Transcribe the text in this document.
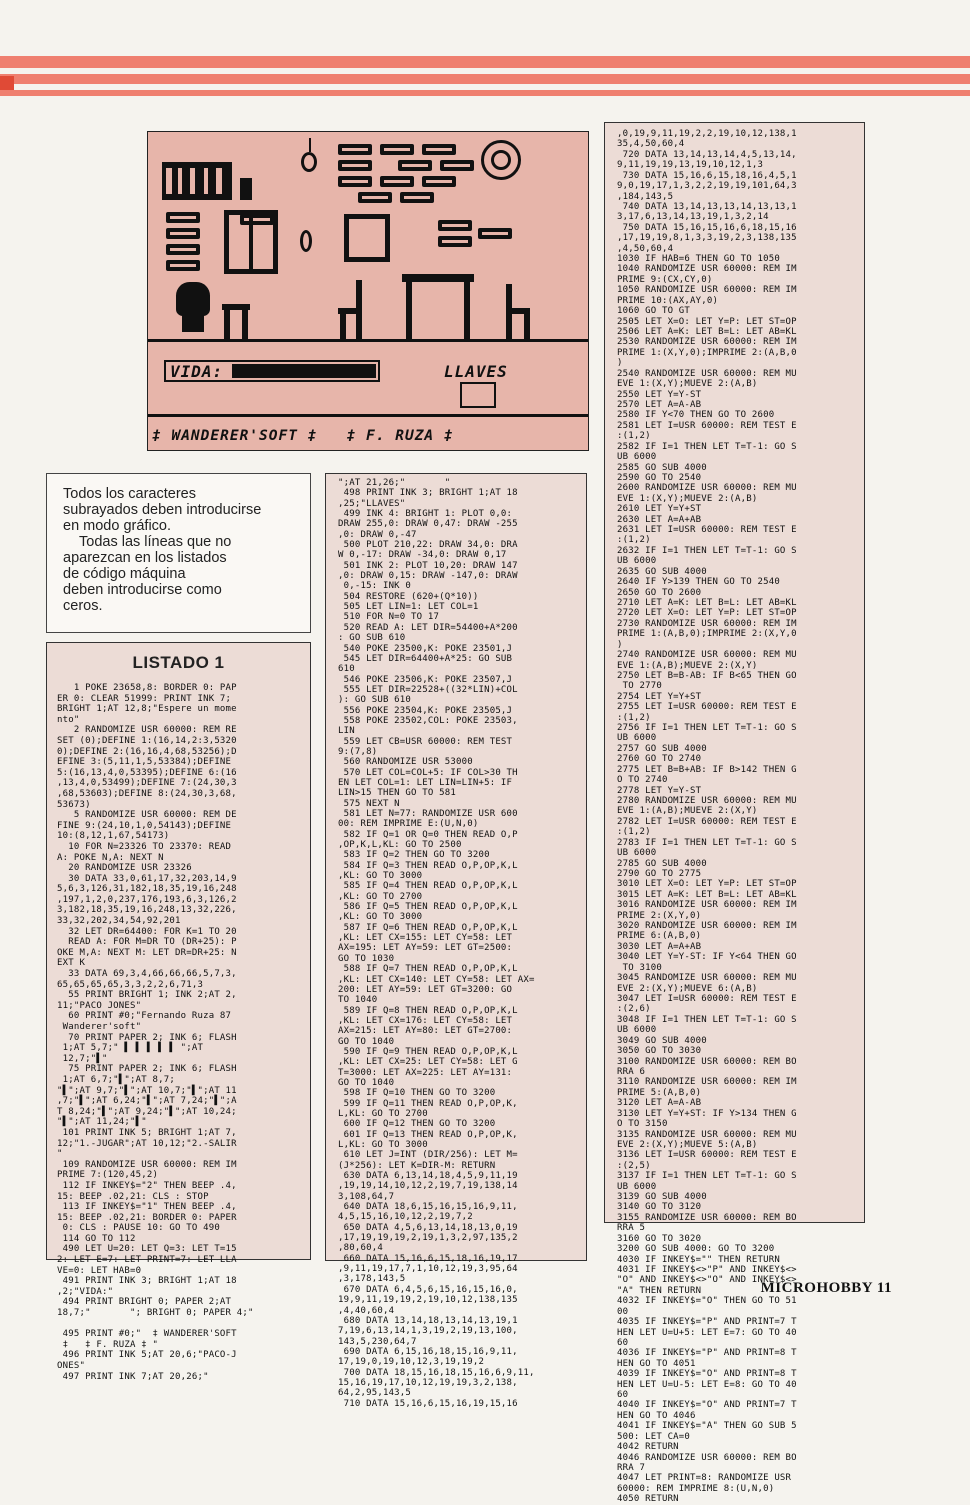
VIDA:	LLAVES
‡ WANDERER'SOFT ‡   ‡ F. RUZA ‡

Todos los caracteres

subrayados deben introducirse

en modo gráfico.

Todas las líneas que no

aparezcan en los listados

de código máquina

deben introducirse como

ceros.

LISTADO 1
1 POKE 23658,8: BORDER 0: PAP
ER 0: CLEAR 51999: PRINT INK 7;
BRIGHT 1;AT 12,8;"Espere un mome
nto"
2 RANDOMIZE USR 60000: REM RE
SET (0);DEFINE 1:(16,14,2:3,5320
0);DEFINE 2:(16,16,4,68,53256);D
EFINE 3:(5,11,1,5,53384);DEFINE
5:(16,13,4,0,53395);DEFINE 6:(16
,13,4,0,53499);DEFINE 7:(24,30,3
,68,53603);DEFINE 8:(24,30,3,68,
53673)
5 RANDOMIZE USR 60000: REM DE
FINE 9:(24,10,1,0,54143);DEFINE
10:(8,12,1,67,54173)
10 FOR N=23326 TO 23370: READ
A: POKE N,A: NEXT N
20 RANDOMIZE USR 23326
30 DATA 33,0,61,17,32,203,14,9
5,6,3,126,31,182,18,35,19,16,248
,197,1,2,0,237,176,193,6,3,126,2
3,182,18,35,19,16,248,13,32,226,
33,32,202,34,54,92,201
32 LET DR=64400: FOR K=1 TO 20
READ A: FOR M=DR TO (DR+25): P
OKE M,A: NEXT M: LET DR=DR+25: N
EXT K
33 DATA 69,3,4,66,66,66,5,7,3,
65,65,65,65,3,3,2,2,6,71,3
55 PRINT BRIGHT 1; INK 2;AT 2,
11;"PACO JONES"
60 PRINT #0;"Fernando Ruza 87
Wanderer'soft"
70 PRINT PAPER 2; INK 6; FLASH
1;AT 5,7;" ▌ ▌ ▌ ▌ ▌ ";AT
12,7;"▌"
75 PRINT PAPER 2; INK 6; FLASH
1;AT 6,7;"▌";AT 8,7;
"▌";AT 9,7;"▌";AT 10,7;"▌";AT 11
,7;"▌";AT 6,24;"▌";AT 7,24;"▌";A
T 8,24;"▌";AT 9,24;"▌";AT 10,24;
"▌";AT 11,24;"▌"
101 PRINT INK 5; BRIGHT 1;AT 7,
12;"1.-JUGAR";AT 10,12;"2.-SALIR
"
109 RANDOMIZE USR 60000: REM IM
PRIME 7:(120,45,2)
112 IF INKEY$="2" THEN BEEP .4,
15: BEEP .02,21: CLS : STOP
113 IF INKEY$="1" THEN BEEP .4,
15: BEEP .02,21: BORDER 0: PAPER
0: CLS : PAUSE 10: GO TO 490
114 GO TO 112
490 LET U=20: LET Q=3: LET T=15
2: LET E=7: LET PRINT=7: LET LLA
VE=0: LET HAB=0
491 PRINT INK 3; BRIGHT 1;AT 18
,2;"VIDA:"
494 PRINT BRIGHT 0; PAPER 2;AT
18,7;"       "; BRIGHT 0; PAPER 4;"

495 PRINT #0;"  ‡ WANDERER'SOFT
‡   ‡ F. RUZA ‡ "
496 PRINT INK 5;AT 20,6;"PACO-J
ONES"
497 PRINT INK 7;AT 20,26;"
";AT 21,26;"       "
498 PRINT INK 3; BRIGHT 1;AT 18
,25;"LLAVES"
499 INK 4: BRIGHT 1: PLOT 0,0:
DRAW 255,0: DRAW 0,47: DRAW -255
,0: DRAW 0,-47
500 PLOT 210,22: DRAW 34,0: DRA
W 0,-17: DRAW -34,0: DRAW 0,17
501 INK 2: PLOT 10,20: DRAW 147
,0: DRAW 0,15: DRAW -147,0: DRAW
0,-15: INK 0
504 RESTORE (620+(Q*10))
505 LET LIN=1: LET COL=1
510 FOR N=0 TO 17
520 READ A: LET DIR=54400+A*200
: GO SUB 610
540 POKE 23500,K: POKE 23501,J
545 LET DIR=64400+A*25: GO SUB
610
546 POKE 23506,K: POKE 23507,J
555 LET DIR=22528+((32*LIN)+COL
): GO SUB 610
556 POKE 23504,K: POKE 23505,J
558 POKE 23502,COL: POKE 23503,
LIN
559 LET CB=USR 60000: REM TEST
9:(7,8)
560 RANDOMIZE USR 53000
570 LET COL=COL+5: IF COL>30 TH
EN LET COL=1: LET LIN=LIN+5: IF
LIN>15 THEN GO TO 581
575 NEXT N
581 LET N=77: RANDOMIZE USR 600
00: REM IMPRIME E:(U,N,0)
582 IF Q=1 OR Q=0 THEN READ O,P
,OP,K,L,KL: GO TO 2500
583 IF Q=2 THEN GO TO 3200
584 IF Q=3 THEN READ O,P,OP,K,L
,KL: GO TO 3000
585 IF Q=4 THEN READ O,P,OP,K,L
,KL: GO TO 2700
586 IF Q=5 THEN READ O,P,OP,K,L
,KL: GO TO 3000
587 IF Q=6 THEN READ O,P,OP,K,L
,KL: LET CX=155: LET CY=58: LET
AX=195: LET AY=59: LET GT=2500:
GO TO 1030
588 IF Q=7 THEN READ O,P,OP,K,L
,KL: LET CX=140: LET CY=58: LET AX=
200: LET AY=59: LET GT=3200: GO
TO 1040
589 IF Q=8 THEN READ O,P,OP,K,L
,KL: LET CX=176: LET CY=58: LET
AX=215: LET AY=80: LET GT=2700:
GO TO 1040
590 IF Q=9 THEN READ O,P,OP,K,L
,KL: LET CX=25: LET CY=58: LET G
T=3000: LET AX=225: LET AY=131:
GO TO 1040
598 IF Q=10 THEN GO TO 3200
599 IF Q=11 THEN READ O,P,OP,K,
L,KL: GO TO 2700
600 IF Q=12 THEN GO TO 3200
601 IF Q=13 THEN READ O,P,OP,K,
L,KL: GO TO 3000
610 LET J=INT (DIR/256): LET M=
(J*256): LET K=DIR-M: RETURN
630 DATA 6,13,14,18,4,5,9,11,19
,19,19,14,10,12,2,19,7,19,138,14
3,108,64,7
640 DATA 18,6,15,16,15,16,9,11,
4,5,15,16,10,12,2,19,7,2
650 DATA 4,5,6,13,14,18,13,0,19
,17,19,19,19,2,19,1,3,2,97,135,2
,80,60,4
660 DATA 15,16,6,15,18,16,19,17
,9,11,19,17,7,1,10,12,19,3,95,64
,3,178,143,5
670 DATA 6,4,5,6,15,16,15,16,0,
19,9,11,19,19,2,19,10,12,138,135
,4,40,60,4
680 DATA 13,14,18,13,14,13,19,1
7,19,6,13,14,1,3,19,2,19,13,100,
143,5,230,64,7
690 DATA 6,15,16,18,15,16,9,11,
17,19,0,19,10,12,3,19,19,2
700 DATA 18,15,16,18,15,16,6,9,11,
15,16,19,17,10,12,19,19,3,2,138,
64,2,95,143,5
710 DATA 15,16,6,15,16,19,15,16
,0,19,9,11,19,2,2,19,10,12,138,1
35,4,50,60,4
720 DATA 13,14,13,14,4,5,13,14,
9,11,19,19,13,19,10,12,1,3
730 DATA 15,16,6,15,18,16,4,5,1
9,0,19,17,1,3,2,2,19,19,101,64,3
,184,143,5
740 DATA 13,14,13,13,14,13,13,1
3,17,6,13,14,13,19,1,3,2,14
750 DATA 15,16,15,16,6,18,15,16
,17,19,19,8,1,3,3,19,2,3,138,135
,4,50,60,4
1030 IF HAB=6 THEN GO TO 1050
1040 RANDOMIZE USR 60000: REM IM
PRIME 9:(CX,CY,0)
1050 RANDOMIZE USR 60000: REM IM
PRIME 10:(AX,AY,0)
1060 GO TO GT
2505 LET X=O: LET Y=P: LET ST=OP
2506 LET A=K: LET B=L: LET AB=KL
2530 RANDOMIZE USR 60000: REM IM
PRIME 1:(X,Y,0);IMPRIME 2:(A,B,0
)
2540 RANDOMIZE USR 60000: REM MU
EVE 1:(X,Y);MUEVE 2:(A,B)
2550 LET Y=Y-ST
2570 LET A=A-AB
2580 IF Y<70 THEN GO TO 2600
2581 LET I=USR 60000: REM TEST E
:(1,2)
2582 IF I=1 THEN LET T=T-1: GO S
UB 6000
2585 GO SUB 4000
2590 GO TO 2540
2600 RANDOMIZE USR 60000: REM MU
EVE 1:(X,Y);MUEVE 2:(A,B)
2610 LET Y=Y+ST
2630 LET A=A+AB
2631 LET I=USR 60000: REM TEST E
:(1,2)
2632 IF I=1 THEN LET T=T-1: GO S
UB 6000
2635 GO SUB 4000
2640 IF Y>139 THEN GO TO 2540
2650 GO TO 2600
2710 LET A=K: LET B=L: LET AB=KL
2720 LET X=O: LET Y=P: LET ST=OP
2730 RANDOMIZE USR 60000: REM IM
PRIME 1:(A,B,0);IMPRIME 2:(X,Y,0
)
2740 RANDOMIZE USR 60000: REM MU
EVE 1:(A,B);MUEVE 2:(X,Y)
2750 LET B=B-AB: IF B<65 THEN GO
TO 2770
2754 LET Y=Y+ST
2755 LET I=USR 60000: REM TEST E
:(1,2)
2756 IF I=1 THEN LET T=T-1: GO S
UB 6000
2757 GO SUB 4000
2760 GO TO 2740
2775 LET B=B+AB: IF B>142 THEN G
O TO 2740
2778 LET Y=Y-ST
2780 RANDOMIZE USR 60000: REM MU
EVE 1:(A,B);MUEVE 2:(X,Y)
2782 LET I=USR 60000: REM TEST E
:(1,2)
2783 IF I=1 THEN LET T=T-1: GO S
UB 6000
2785 GO SUB 4000
2790 GO TO 2775
3010 LET X=O: LET Y=P: LET ST=OP
3015 LET A=K: LET B=L: LET AB=KL
3016 RANDOMIZE USR 60000: REM IM
PRIME 2:(X,Y,0)
3020 RANDOMIZE USR 60000: REM IM
PRIME 6:(A,B,0)
3030 LET A=A+AB
3040 LET Y=Y-ST: IF Y<64 THEN GO
TO 3100
3045 RANDOMIZE USR 60000: REM MU
EVE 2:(X,Y);MUEVE 6:(A,B)
3047 LET I=USR 60000: REM TEST E
:(2,6)
3048 IF I=1 THEN LET T=T-1: GO S
UB 6000
3049 GO SUB 4000
3050 GO TO 3030
3100 RANDOMIZE USR 60000: REM BO
RRA 6
3110 RANDOMIZE USR 60000: REM IM
PRIME 5:(A,B,0)
3120 LET A=A-AB
3130 LET Y=Y+ST: IF Y>134 THEN G
O TO 3150
3135 RANDOMIZE USR 60000: REM MU
EVE 2:(X,Y);MUEVE 5:(A,B)
3136 LET I=USR 60000: REM TEST E
:(2,5)
3137 IF I=1 THEN LET T=T-1: GO S
UB 6000
3139 GO SUB 4000
3140 GO TO 3120
3155 RANDOMIZE USR 60000: REM BO
RRA 5
3160 GO TO 3020
3200 GO SUB 4000: GO TO 3200
4030 IF INKEY$="" THEN RETURN
4031 IF INKEY$<>"P" AND INKEY$<>
"O" AND INKEY$<>"O" AND INKEY$<>
"A" THEN RETURN
4032 IF INKEY$="O" THEN GO TO 51
00
4035 IF INKEY$="P" AND PRINT=7 T
HEN LET U=U+5: LET E=7: GO TO 40
60
4036 IF INKEY$="P" AND PRINT=8 T
HEN GO TO 4051
4039 IF INKEY$="O" AND PRINT=8 T
HEN LET U=U-5: LET E=8: GO TO 40
60
4040 IF INKEY$="O" AND PRINT=7 T
HEN GO TO 4046
4041 IF INKEY$="A" THEN GO SUB 5
500: LET CA=0
4042 RETURN
4046 RANDOMIZE USR 60000: REM BO
RRA 7
4047 LET PRINT=8: RANDOMIZE USR
60000: REM IMPRIME 8:(U,N,0)
4050 RETURN
MICROHOBBY 11
